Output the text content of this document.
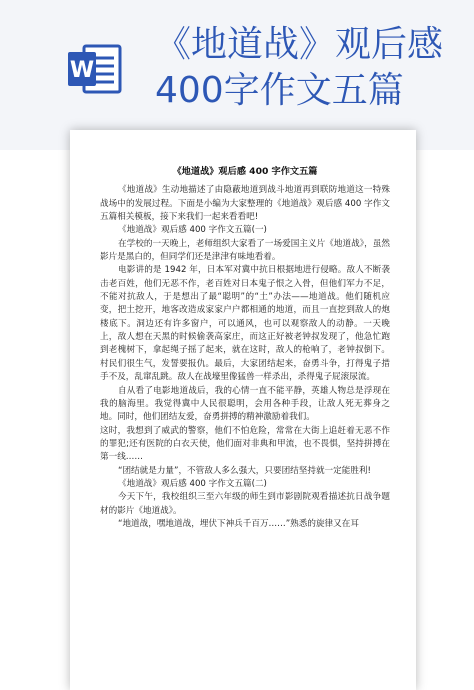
W
《地道战》观后感
400字作文五篇
《地道战》观后感 400 字作文五篇

《地道战》生动地描述了由隐蔽地道到战斗地道再到联防地道这一特殊战场中的发展过程。下面是小编为大家整理的《地道战》观后感 400 字作文五篇相关模板，接下来我们一起来看看吧!

《地道战》观后感 400 字作文五篇(一)

在学校的一天晚上，老师组织大家看了一场爱国主义片《地道战》，虽然影片是黑白的，但同学们还是津津有味地看着。

电影讲的是 1942 年，日本军对冀中抗日根据地进行侵略。敌人不断袭击老百姓，他们无恶不作，老百姓对日本鬼子恨之入骨，但他们军力不足，不能对抗敌人，于是想出了最“聪明”的“土”办法——地道战。他们随机应变，把土挖开，地客改造成家家户户都相通的地道，而且一直挖到敌人的炮楼底下。洞边还有许多窗户，可以通风，也可以观察敌人的动静。一天晚上，敌人想在天黑的时候偷袭高家庄，而这正好被老钟叔发现了，他急忙跑到老槐树下，拿起绳子摇了起来，就在这时，敌人的枪响了，老钟叔倒下。村民们很生气，发誓要报仇。最后，大家团结起来，奋勇斗争，打得鬼子措手不及，乱窜乱跳。敌人在战壕里像猛兽一样杀出，杀得鬼子屁滚尿流。

自从看了电影地道战后，我的心情一直不能平静，英雄人物总是浮现在我的脑海里。我觉得冀中人民很聪明，会用各种手段，让敌人死无葬身之地。同时，他们团结友爱，奋勇拼搏的精神激励着我们。

这时，我想到了威武的警察，他们不怕危险，常常在大街上追赶着无恶不作的罪犯;还有医院的白衣天使，他们面对非典和甲流，也不畏惧，坚持拼搏在第一线……

“团结就是力量”，不管敌人多么强大，只要团结坚持就一定能胜利!

《地道战》观后感 400 字作文五篇(二)

今天下午，我校组织三至六年级的师生到市影剧院观看描述抗日战争题材的影片《地道战》。

“地道战，嘿地道战，埋伏下神兵千百万……”熟悉的旋律又在耳
